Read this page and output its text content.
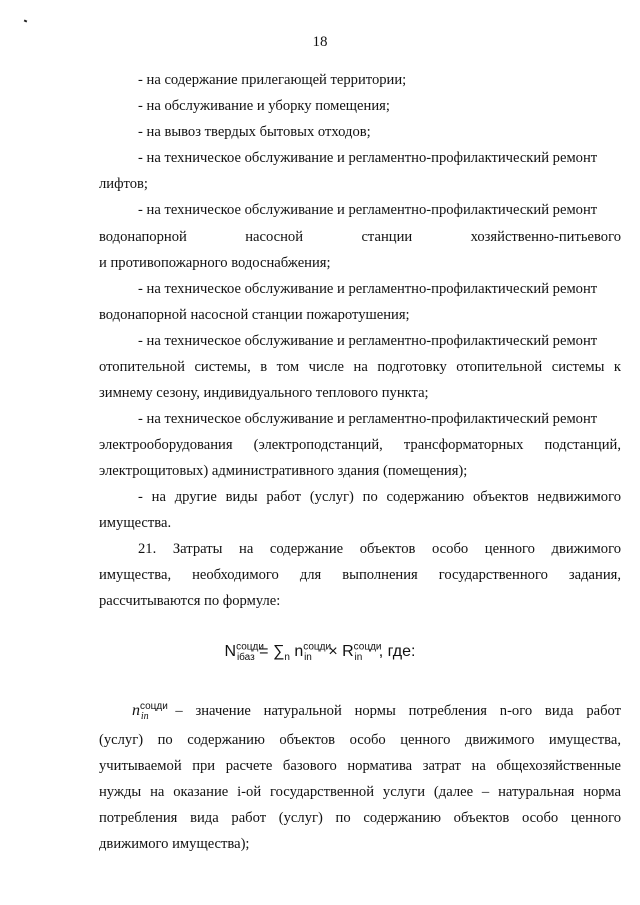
18
- на содержание прилегающей территории;
- на обслуживание и уборку помещения;
- на вывоз твердых бытовых отходов;
- на техническое обслуживание и регламентно-профилактический ремонт
лифтов;
- на техническое обслуживание и регламентно-профилактический ремонт
водонапорной насосной станции хозяйственно-питьевого
и противопожарного водоснабжения;
- на техническое обслуживание и регламентно-профилактический ремонт
водонапорной насосной станции пожаротушения;
- на техническое обслуживание и регламентно-профилактический ремонт
отопительной системы, в том числе на подготовку отопительной системы к
зимнему сезону, индивидуального теплового пункта;
- на техническое обслуживание и регламентно-профилактический ремонт
электрооборудования (электроподстанций, трансформаторных подстанций,
электрощитовых) административного здания (помещения);
- на другие виды работ (услуг) по содержанию объектов недвижимого
имущества.
21. Затраты на содержание объектов особо ценного движимого
имущества, необходимого для выполнения государственного задания,
рассчитываются по формуле:
$N^{соцди}_{iбаз} = \sum_n$ $n^{соцди}_{in} \times R^{соцди}_{in}$ , где:
$n^{соцди}_{in}$ – значение натуральной нормы потребления n-ого вида работ
(услуг) по содержанию объектов особо ценного движимого имущества,
учитываемой при расчете базового норматива затрат на общехозяйственные
нужды на оказание i-ой государственной услуги (далее – натуральная норма
потребления вида работ (услуг) по содержанию объектов особо ценного
движимого имущества);
